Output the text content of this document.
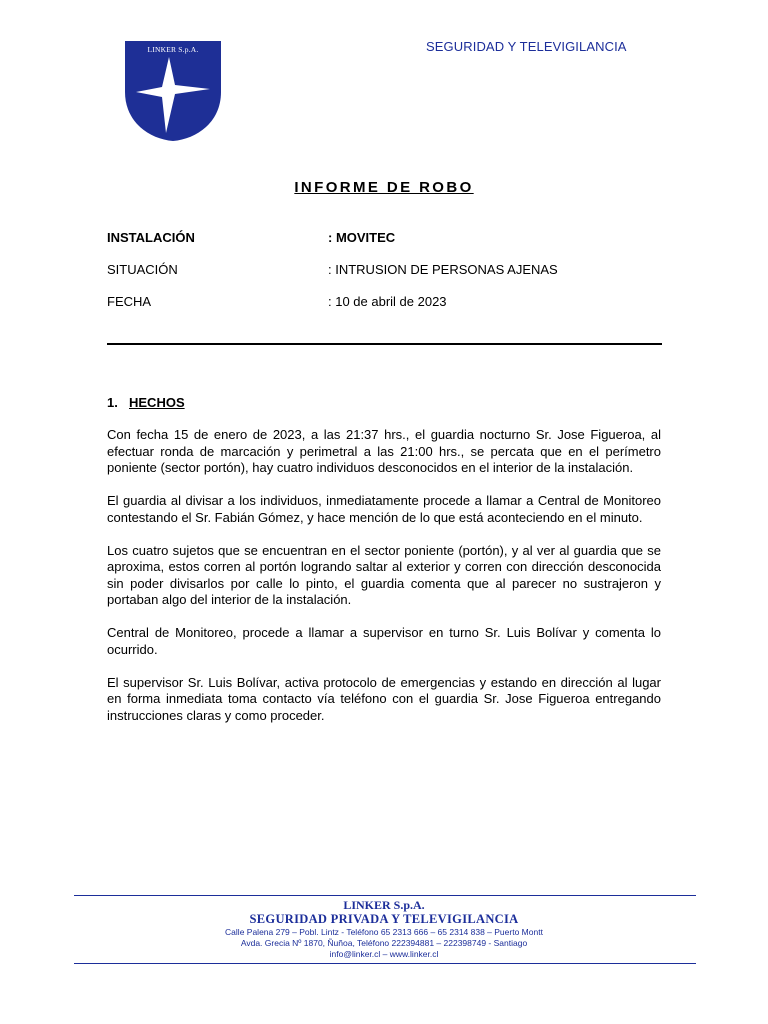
LINKER S.p.A.	SEGURIDAD Y TELEVIGILANCIA
INFORME DE ROBO
INSTALACIÓN	: MOVITEC
SITUACIÓN	: INTRUSION DE PERSONAS AJENAS
FECHA	: 10 de abril de 2023
1. HECHOS

Con fecha 15 de enero de 2023, a las 21:37 hrs., el guardia nocturno Sr. Jose Figueroa, al efectuar ronda de marcación y perimetral a las 21:00 hrs., se percata que en el perímetro poniente (sector portón), hay cuatro individuos desconocidos en el interior de la instalación.

El guardia al divisar a los individuos, inmediatamente procede a llamar a Central de Monitoreo contestando el Sr. Fabián Gómez, y hace mención de lo que está aconteciendo en el minuto.

Los cuatro sujetos que se encuentran en el sector poniente (portón), y al ver al guardia que se aproxima, estos corren al portón logrando saltar al exterior y corren con dirección desconocida sin poder divisarlos por calle lo pinto, el guardia comenta que al parecer no sustrajeron y portaban algo del interior de la instalación.

Central de Monitoreo, procede a llamar a supervisor en turno Sr. Luis Bolívar y comenta lo ocurrido.

El supervisor Sr. Luis Bolívar, activa protocolo de emergencias y estando en dirección al lugar en forma inmediata toma contacto vía teléfono con el guardia Sr. Jose Figueroa entregando instrucciones claras y como proceder.

LINKER S.p.A.
SEGURIDAD PRIVADA Y TELEVIGILANCIA
Calle Palena 279 – Pobl. Lintz - Teléfono 65 2313 666 – 65 2314 838 – Puerto Montt
Avda. Grecia Nº 1870, Ñuñoa, Teléfono 222394881 – 222398749 - Santiago
info@linker.cl – www.linker.cl
